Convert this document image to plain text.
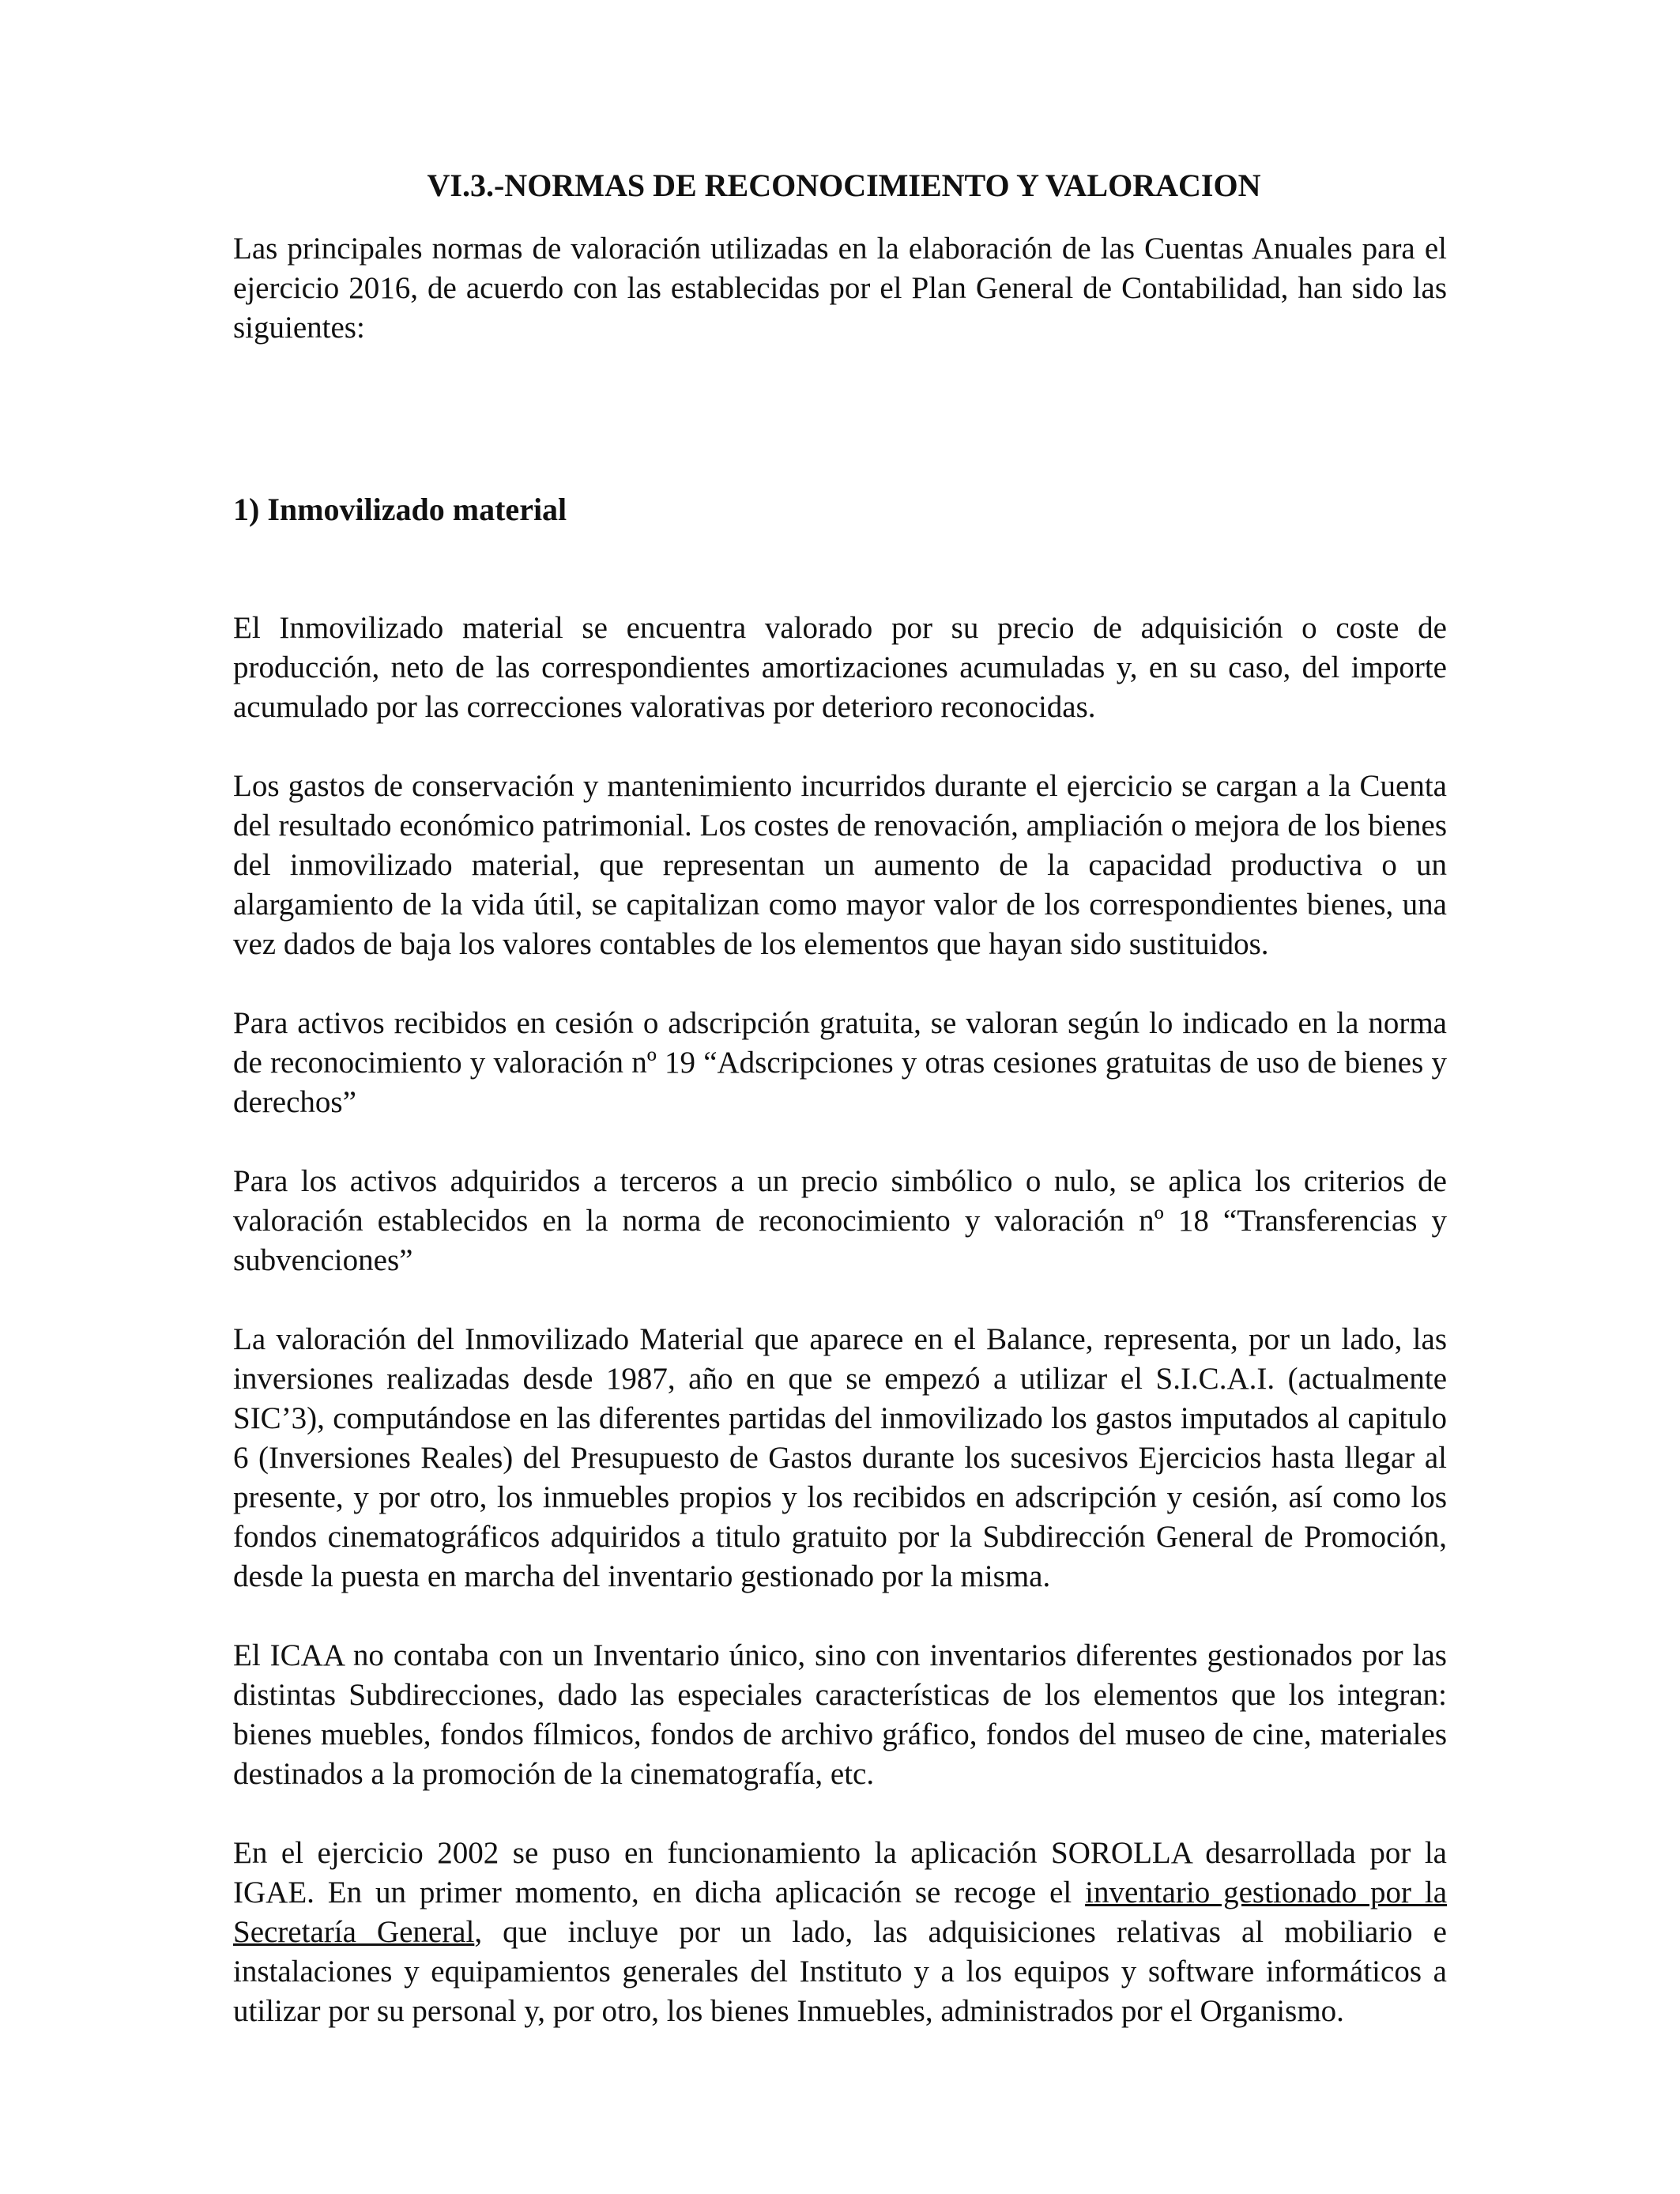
VI.3.-NORMAS DE RECONOCIMIENTO Y VALORACION

Las principales normas de valoración utilizadas en la elaboración de las Cuentas Anuales para el ejercicio 2016, de acuerdo con las establecidas por el Plan General de Contabilidad, han sido las siguientes:

1) Inmovilizado material

El Inmovilizado material se encuentra valorado por su precio de adquisición o coste de producción, neto de las correspondientes amortizaciones acumuladas y, en su caso, del importe acumulado por las correcciones valorativas por deterioro reconocidas.

Los gastos de conservación y mantenimiento incurridos durante el ejercicio se cargan a la Cuenta del resultado económico patrimonial. Los costes de renovación, ampliación o mejora de los bienes del inmovilizado material, que representan un aumento de la capacidad productiva o un alargamiento de la vida útil, se capitalizan como mayor valor de los correspondientes bienes, una vez dados de baja los valores contables de los elementos que hayan sido sustituidos.

Para activos recibidos en cesión o adscripción gratuita, se valoran según lo indicado en la norma de reconocimiento y valoración nº 19 “Adscripciones y otras cesiones gratuitas de uso de bienes y derechos”

Para los activos adquiridos a terceros a un precio simbólico o nulo, se aplica los criterios de valoración establecidos en la norma de reconocimiento y valoración nº 18 “Transferencias y subvenciones”

La valoración del Inmovilizado Material que aparece en el Balance, representa, por un lado, las inversiones realizadas desde 1987, año en que se empezó a utilizar el S.I.C.A.I. (actualmente SIC’3), computándose en las diferentes partidas del inmovilizado los gastos imputados al capitulo 6 (Inversiones Reales) del Presupuesto de Gastos durante los sucesivos Ejercicios hasta llegar al presente, y por otro, los inmuebles propios y los recibidos en adscripción y cesión, así como los fondos cinematográficos adquiridos a titulo gratuito por la Subdirección General de Promoción, desde la puesta en marcha del inventario gestionado por la misma.

El ICAA no contaba con un Inventario único, sino con inventarios diferentes gestionados por las distintas Subdirecciones, dado las especiales características de los elementos que los integran: bienes muebles, fondos fílmicos, fondos de archivo gráfico, fondos del museo de cine, materiales destinados a la promoción de la cinematografía, etc.

En el ejercicio 2002 se puso en funcionamiento la aplicación SOROLLA desarrollada por la IGAE. En un primer momento, en dicha aplicación se recoge el inventario gestionado por la Secretaría General, que incluye por un lado, las adquisiciones relativas al mobiliario e instalaciones y equipamientos generales del Instituto y a los equipos y software informáticos a utilizar por su personal y, por otro, los bienes Inmuebles, administrados por el Organismo.
